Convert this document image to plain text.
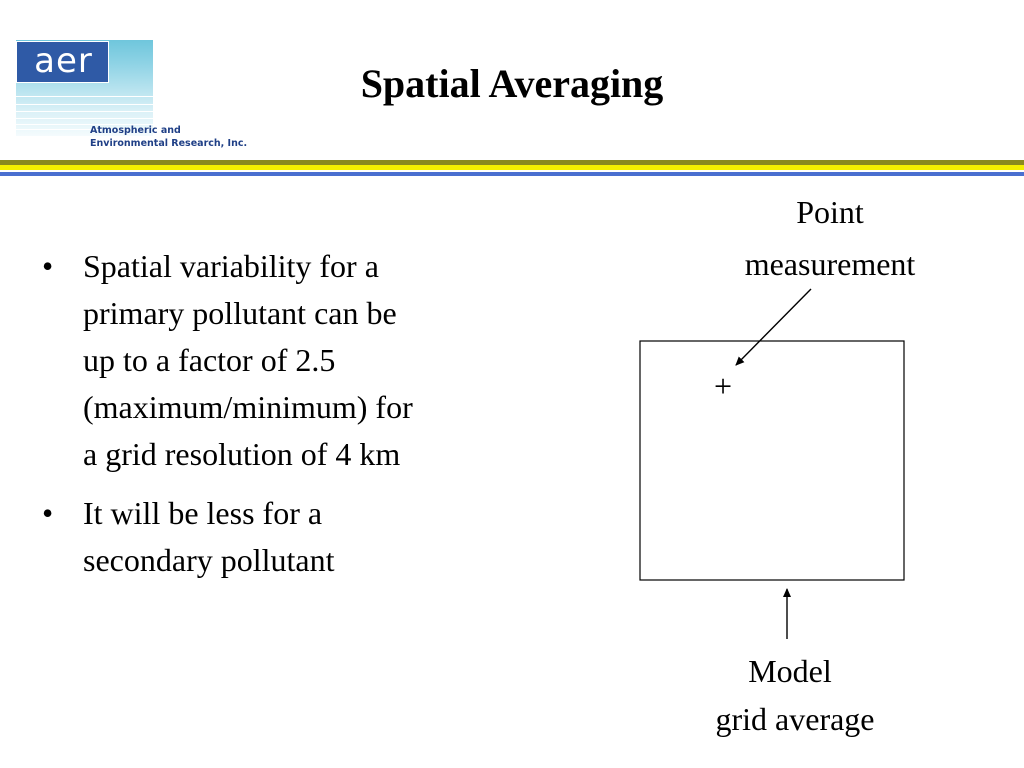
aer
Atmospheric and
Environmental Research, Inc.
Spatial Averaging
• Spatial variability for a
primary pollutant can be
up to a factor of 2.5
(maximum/minimum) for
a grid resolution of 4 km
• It will be less for a
secondary pollutant
Point
measurement
+
Model
grid average
